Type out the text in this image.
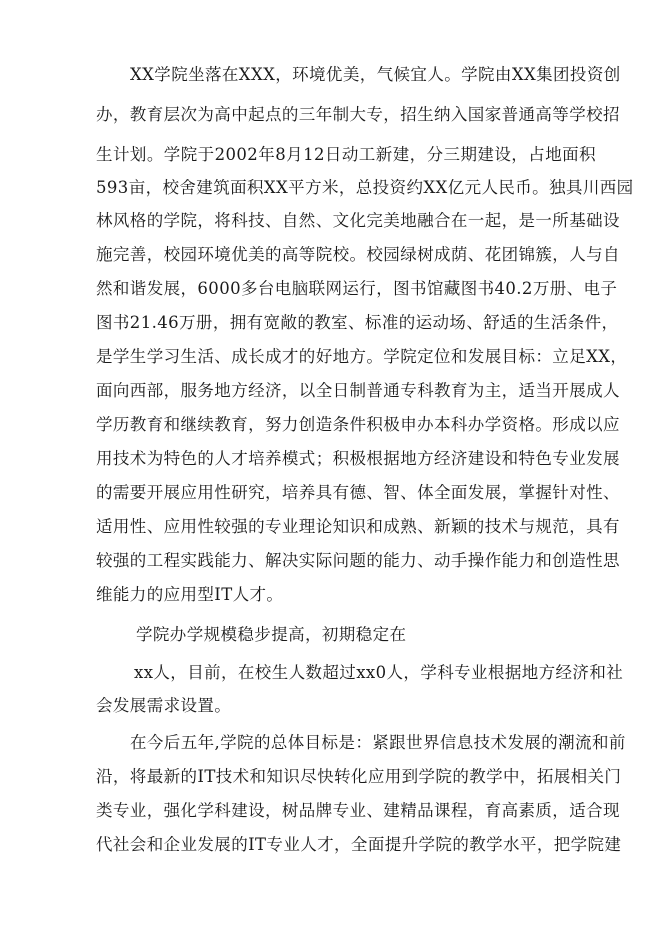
XX学院坐落在XXX，环境优美，气候宜人。学院由XX集团投资创
办，教育层次为高中起点的三年制大专，招生纳入国家普通高等学校招
生计划。学院于2002年8月12日动工新建，分三期建设，占地面积
593亩，校舍建筑面积XX平方米，总投资约XX亿元人民币。独具川西园
林风格的学院，将科技、自然、文化完美地融合在一起，是一所基础设
施完善，校园环境优美的高等院校。校园绿树成荫、花团锦簇，人与自
然和谐发展，6000多台电脑联网运行，图书馆藏图书40.2万册、电子
图书21.46万册，拥有宽敞的教室、标准的运动场、舒适的生活条件，
是学生学习生活、成长成才的好地方。学院定位和发展目标：立足XX，
面向西部，服务地方经济，以全日制普通专科教育为主，适当开展成人
学历教育和继续教育，努力创造条件积极申办本科办学资格。形成以应
用技术为特色的人才培养模式；积极根据地方经济建设和特色专业发展
的需要开展应用性研究，培养具有德、智、体全面发展，掌握针对性、
适用性、应用性较强的专业理论知识和成熟、新颖的技术与规范，具有
较强的工程实践能力、解决实际问题的能力、动手操作能力和创造性思
维能力的应用型IT人才。
学院办学规模稳步提高，初期稳定在
xx人，目前，在校生人数超过xx0人，学科专业根据地方经济和社
会发展需求设置。
在今后五年,学院的总体目标是：紧跟世界信息技术发展的潮流和前
沿，将最新的IT技术和知识尽快转化应用到学院的教学中，拓展相关门
类专业，强化学科建设，树品牌专业、建精品课程，育高素质，适合现
代社会和企业发展的IT专业人才，全面提升学院的教学水平，把学院建
